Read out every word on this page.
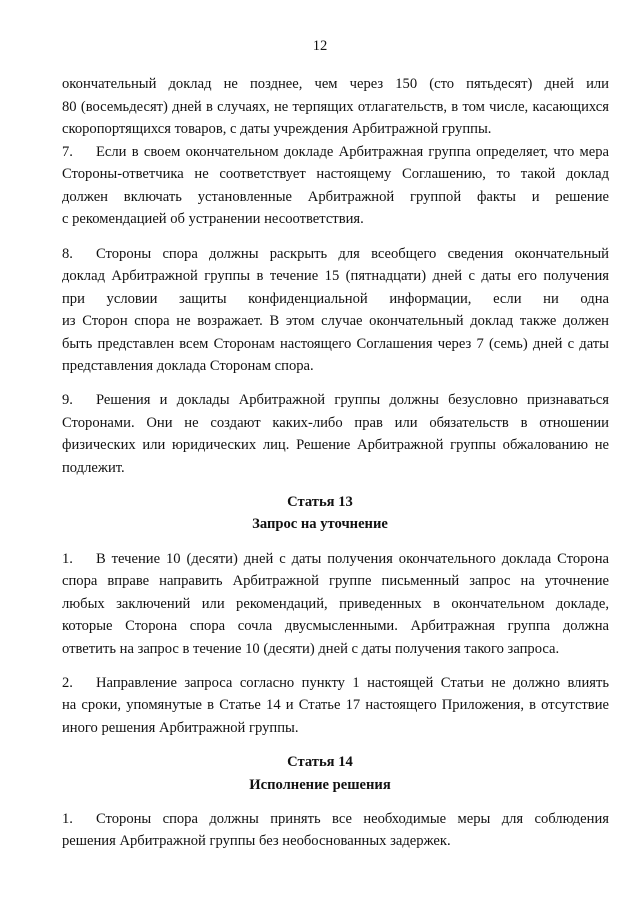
12
окончательный доклад не позднее, чем через 150 (сто пятьдесят) дней или
80 (восемьдесят) дней в случаях, не терпящих отлагательств, в том числе, касающихся
скоропортящихся товаров, с даты учреждения Арбитражной группы.
7. Если в своем окончательном докладе Арбитражная группа определяет, что мера
Стороны-ответчика не соответствует настоящему Соглашению, то такой доклад
должен включать установленные Арбитражной группой факты и решение
с рекомендацией об устранении несоответствия.
8. Стороны спора должны раскрыть для всеобщего сведения окончательный
доклад Арбитражной группы в течение 15 (пятнадцати) дней с даты его получения
при условии защиты конфиденциальной информации, если ни одна
из Сторон спора не возражает. В этом случае окончательный доклад также должен
быть представлен всем Сторонам настоящего Соглашения через 7 (семь) дней с даты
представления доклада Сторонам спора.
9. Решения и доклады Арбитражной группы должны безусловно признаваться
Сторонами. Они не создают каких-либо прав или обязательств в отношении
физических или юридических лиц. Решение Арбитражной группы обжалованию не
подлежит.
Статья 13
Запрос на уточнение
1. В течение 10 (десяти) дней с даты получения окончательного доклада Сторона
спора вправе направить Арбитражной группе письменный запрос на уточнение
любых заключений или рекомендаций, приведенных в окончательном докладе,
которые Сторона спора сочла двусмысленными. Арбитражная группа должна
ответить на запрос в течение 10 (десяти) дней с даты получения такого запроса.
2. Направление запроса согласно пункту 1 настоящей Статьи не должно влиять
на сроки, упомянутые в Статье 14 и Статье 17 настоящего Приложения, в отсутствие
иного решения Арбитражной группы.
Статья 14
Исполнение решения
1. Стороны спора должны принять все необходимые меры для соблюдения
решения Арбитражной группы без необоснованных задержек.
